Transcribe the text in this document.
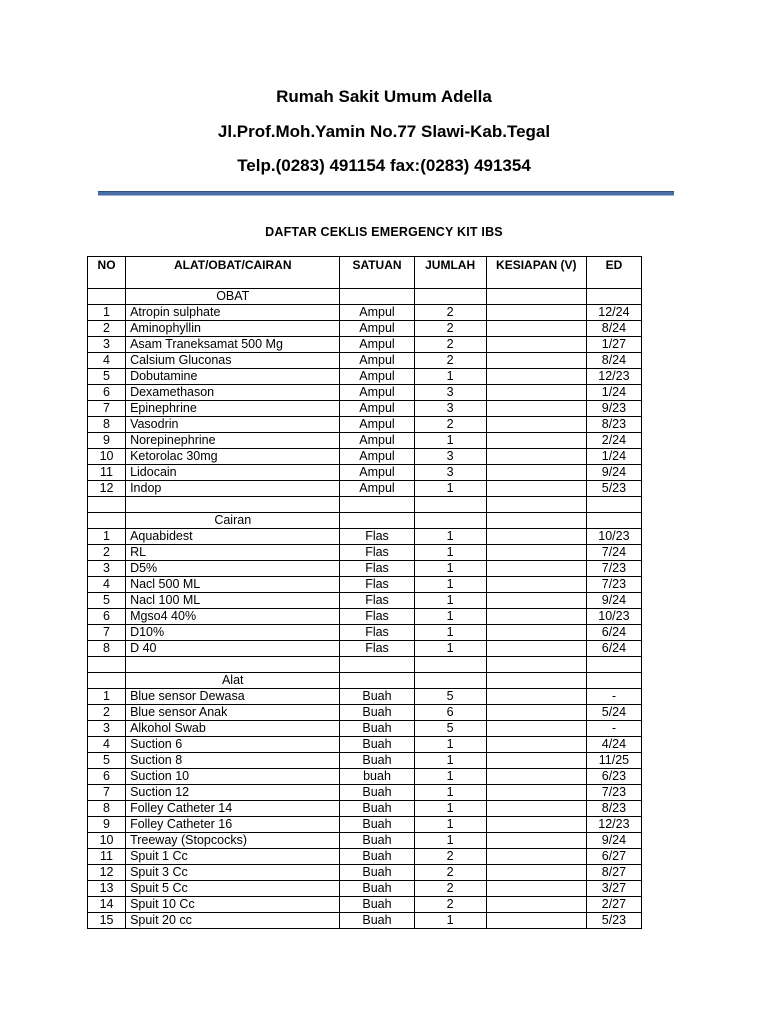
Rumah Sakit Umum Adella
Jl.Prof.Moh.Yamin No.77 Slawi-Kab.Tegal
Telp.(0283) 491154 fax:(0283) 491354
DAFTAR CEKLIS EMERGENCY KIT IBS
NO	ALAT/OBAT/CAIRAN	SATUAN	JUMLAH	KESIAPAN (V)	ED
	OBAT				
1	Atropin sulphate	Ampul	2		12/24
2	Aminophyllin	Ampul	2		8/24
3	Asam Traneksamat 500 Mg	Ampul	2		1/27
4	Calsium Gluconas	Ampul	2		8/24
5	Dobutamine	Ampul	1		12/23
6	Dexamethason	Ampul	3		1/24
7	Epinephrine	Ampul	3		9/23
8	Vasodrin	Ampul	2		8/23
9	Norepinephrine	Ampul	1		2/24
10	Ketorolac 30mg	Ampul	3		1/24
11	Lidocain	Ampul	3		9/24
12	Indop	Ampul	1		5/23

	Cairan				
1	Aquabidest	Flas	1		10/23
2	RL	Flas	1		7/24
3	D5%	Flas	1		7/23
4	Nacl 500 ML	Flas	1		7/23
5	Nacl 100 ML	Flas	1		9/24
6	Mgso4 40%	Flas	1		10/23
7	D10%	Flas	1		6/24
8	D 40	Flas	1		6/24

	Alat				
1	Blue sensor Dewasa	Buah	5		-
2	Blue sensor Anak	Buah	6		5/24
3	Alkohol Swab	Buah	5		-
4	Suction 6	Buah	1		4/24
5	Suction 8	Buah	1		11/25
6	Suction 10	buah	1		6/23
7	Suction 12	Buah	1		7/23
8	Folley Catheter 14	Buah	1		8/23
9	Folley Catheter 16	Buah	1		12/23
10	Treeway (Stopcocks)	Buah	1		9/24
11	Spuit 1 Cc	Buah	2		6/27
12	Spuit 3 Cc	Buah	2		8/27
13	Spuit 5 Cc	Buah	2		3/27
14	Spuit 10 Cc	Buah	2		2/27
15	Spuit 20 cc	Buah	1		5/23
